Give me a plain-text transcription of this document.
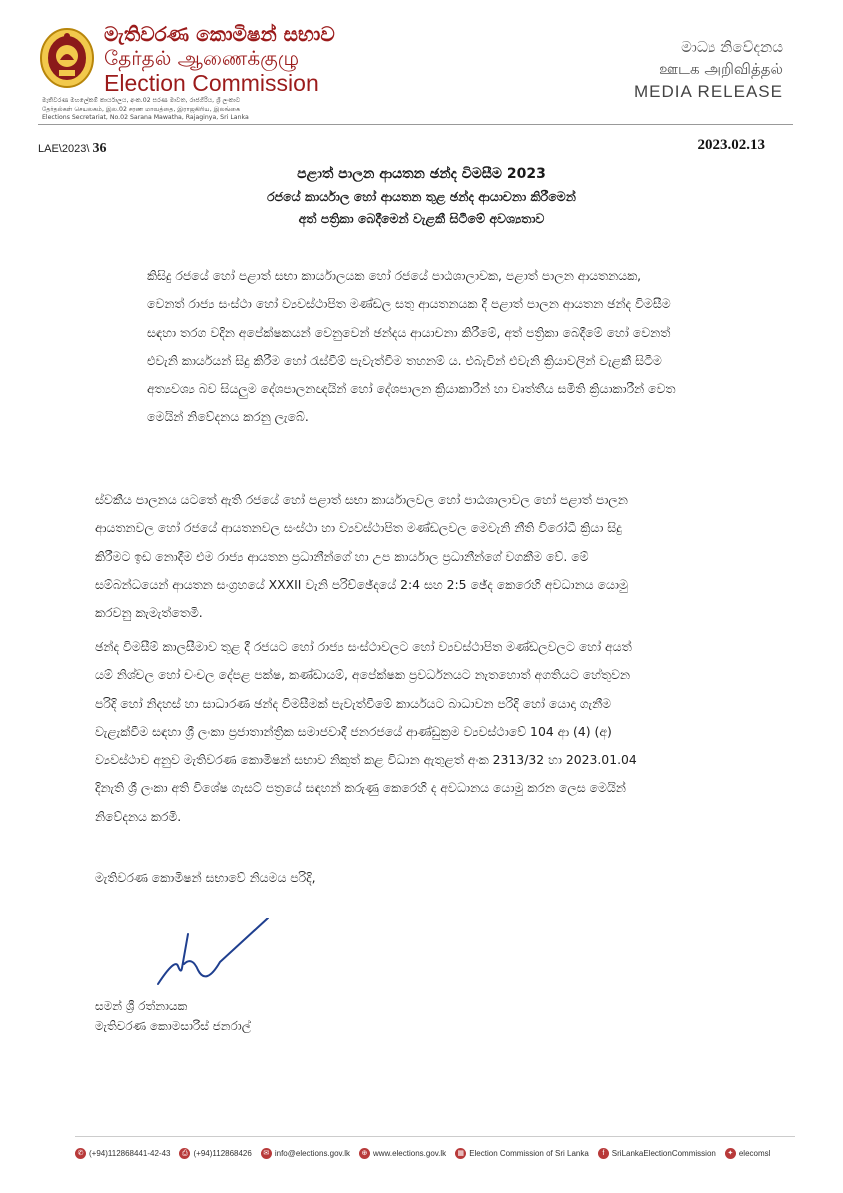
මැතිවරණ කොමිෂන් සභාව
தேர்தல் ஆணைக்குழு
Election Commission
මැතිවරණ මහලේකම් කාර්යාලය, අංක.02 සරණ මාවත, රාජගිරිය, ශ්‍රී ලංකාව
தேர்தல்கள் செயலகம், இல.02 சரண மாவத்தை, இராஜகிரிய, இலங்கை
Elections Secretariat, No.02 Sarana Mawatha, Rajaginya, Sri Lanka
මාධ්‍ය නිවේදනය
ஊடக அறிவித்தல்
MEDIA RELEASE
LAE\2023\ 36	2023.02.13
පළාත් පාලන ආයතන ඡන්ද විමසීම 2023
රජයේ කාර්යාල හෝ ආයතන තුළ ඡන්ද ආයාචනා කිරීමෙන්
අත් පත්‍රිකා බෙදීමෙන් වැළකී සිටීමේ අවශ්‍යතාව
කිසිදු රජයේ හෝ පළාත් සභා කාර්යාලයක හෝ රජයේ පාඨශාලාවක, පළාත් පාලන ආයතනයක,
වෙනත් රාජ්‍ය සංස්ථා හෝ ව්‍යවස්ථාපිත මණ්ඩල සතු ආයතනයක දී පළාත් පාලන ආයතන ඡන්ද විමසීම
සඳහා තරග වදින අපේක්ෂකයන් වෙනුවෙන් ඡන්දය ආයාචනා කිරීමේ, අත් පත්‍රිකා බෙදීමේ හෝ වෙනත්
එවැනි කාර්යයන් සිදු කිරීම හෝ රැස්වීම් පැවැත්වීම තහනම් ය. එබැවින් එවැනි ක්‍රියාවලින් වැළකී සිටීම
අත්‍යවශ්‍ය බව සියලුම දේශපාලනඥයින් හෝ දේශපාලන ක්‍රියාකාරීන් හා වෘත්තීය සමිති ක්‍රියාකාරීන් වෙත
මෙයින් නිවේදනය කරනු ලැබේ.
ස්වකීය පාලනය යටතේ ඇති රජයේ හෝ පළාත් සභා කාර්යාලවල හෝ පාඨශාලාවල හෝ පළාත් පාලන
ආයතනවල හෝ රජයේ ආයතනවල සංස්ථා හා ව්‍යවස්ථාපිත මණ්ඩලවල මෙවැනි නීති විරෝධී ක්‍රියා සිදු
කිරීමට ඉඩ නොදීම එම රාජ්‍ය ආයතන ප්‍රධානීන්ගේ හා උප කාර්යාල ප්‍රධානීන්ගේ වගකීම වේ. මේ
සම්බන්ධයෙන් ආයතන සංග්‍රහයේ XXXII වැනි පරිච්ඡේදයේ 2:4 සහ 2:5 ඡේද කෙරෙහි අවධානය යොමු
කරවනු කැමැත්තෙමි.
ඡන්ද විමසීම් කාලසීමාව තුළ දී රජයට හෝ රාජ්‍ය සංස්ථාවලට හෝ ව්‍යවස්ථාපිත මණ්ඩලවලට හෝ අයත්
යම් නිශ්චල හෝ චංචල දේපළ පක්ෂ, කණ්ඩායම්, අපේක්ෂක ප්‍රවර්ධනයට නැතහොත් අගතියට හේතුවන
පරිදි හෝ නිදහස් හා සාධාරණ ඡන්ද විමසීමක් පැවැත්වීමේ කාර්යයට බාධාවන පරිදි හෝ යොදා ගැනීම
වැළැක්වීම සඳහා ශ්‍රී ලංකා ප්‍රජාතාන්ත්‍රික සමාජවාදී ජනරජයේ ආණ්ඩුක්‍රම ව්‍යවස්ථාවේ 104 ආ (4) (අ)
ව්‍යවස්ථාව අනුව මැතිවරණ කොමිෂන් සභාව නිකුත් කළ විධාන ඇතුළත් අංක 2313/32 හා 2023.01.04
දිනැති ශ්‍රී ලංකා අති විශේෂ ගැසට් පත්‍රයේ සඳහන් කරුණු කෙරෙහි ද අවධානය යොමු කරන ලෙස මෙයින්
නිවේදනය කරමි.
මැතිවරණ කොමිෂන් සභාවේ නියමය පරිදි,
සමන් ශ්‍රී රත්නායක
මැතිවරණ කොමසාරිස් ජනරාල්
✆ (+94)112868441-42-43	⎙ (+94)112868426	✉ info@elections.gov.lk	⊕ www.elections.gov.lk	▦ Election Commission of Sri Lanka	f SriLankaElectionCommission	✦ elecomsl
